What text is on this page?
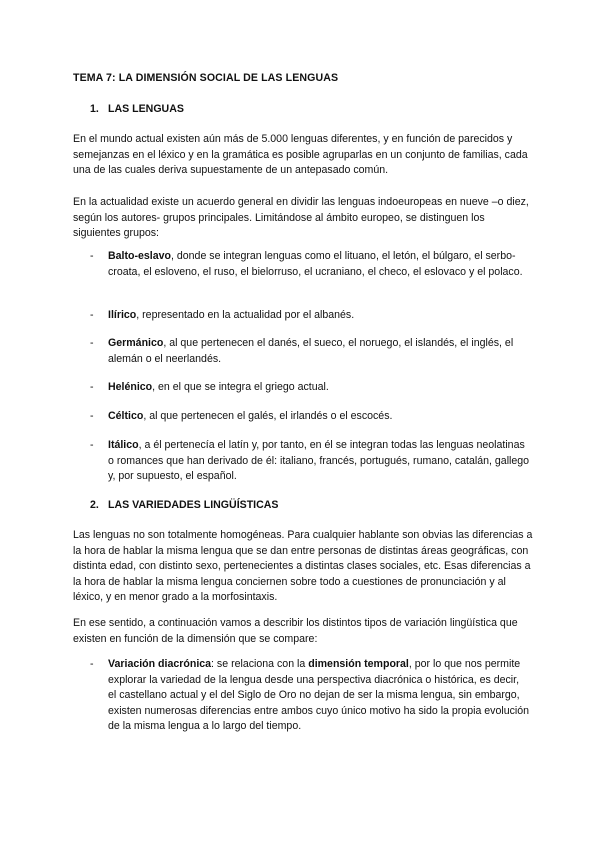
TEMA 7: LA DIMENSIÓN SOCIAL DE LAS LENGUAS
1. LAS LENGUAS
En el mundo actual existen aún más de 5.000 lenguas diferentes, y en función de parecidos y semejanzas en el léxico y en la gramática es posible agruparlas en un conjunto de familias, cada una de las cuales deriva supuestamente de un antepasado común.
En la actualidad existe un acuerdo general en dividir las lenguas indoeuropeas en nueve –o diez, según los autores- grupos principales. Limitándose al ámbito europeo, se distinguen los siguientes grupos:
- Balto-eslavo, donde se integran lenguas como el lituano, el letón, el búlgaro, el serbo-croata, el esloveno, el ruso, el bielorruso, el ucraniano, el checo, el eslovaco y el polaco.
- Ilírico, representado en la actualidad por el albanés.
- Germánico, al que pertenecen el danés, el sueco, el noruego, el islandés, el inglés, el alemán o el neerlandés.
- Helénico, en el que se integra el griego actual.
- Céltico, al que pertenecen el galés, el irlandés o el escocés.
- Itálico, a él pertenecía el latín y, por tanto, en él se integran todas las lenguas neolatinas o romances que han derivado de él: italiano, francés, portugués, rumano, catalán, gallego y, por supuesto, el español.
2. LAS VARIEDADES LINGÜÍSTICAS
Las lenguas no son totalmente homogéneas. Para cualquier hablante son obvias las diferencias a la hora de hablar la misma lengua que se dan entre personas de distintas áreas geográficas, con distinta edad, con distinto sexo, pertenecientes a distintas clases sociales, etc. Esas diferencias a la hora de hablar la misma lengua conciernen sobre todo a cuestiones de pronunciación y al léxico, y en menor grado a la morfosintaxis.
En ese sentido, a continuación vamos a describir los distintos tipos de variación lingüística que existen en función de la dimensión que se compare:
- Variación diacrónica: se relaciona con la dimensión temporal, por lo que nos permite explorar la variedad de la lengua desde una perspectiva diacrónica o histórica, es decir, el castellano actual y el del Siglo de Oro no dejan de ser la misma lengua, sin embargo, existen numerosas diferencias entre ambos cuyo único motivo ha sido la propia evolución de la misma lengua a lo largo del tiempo.
